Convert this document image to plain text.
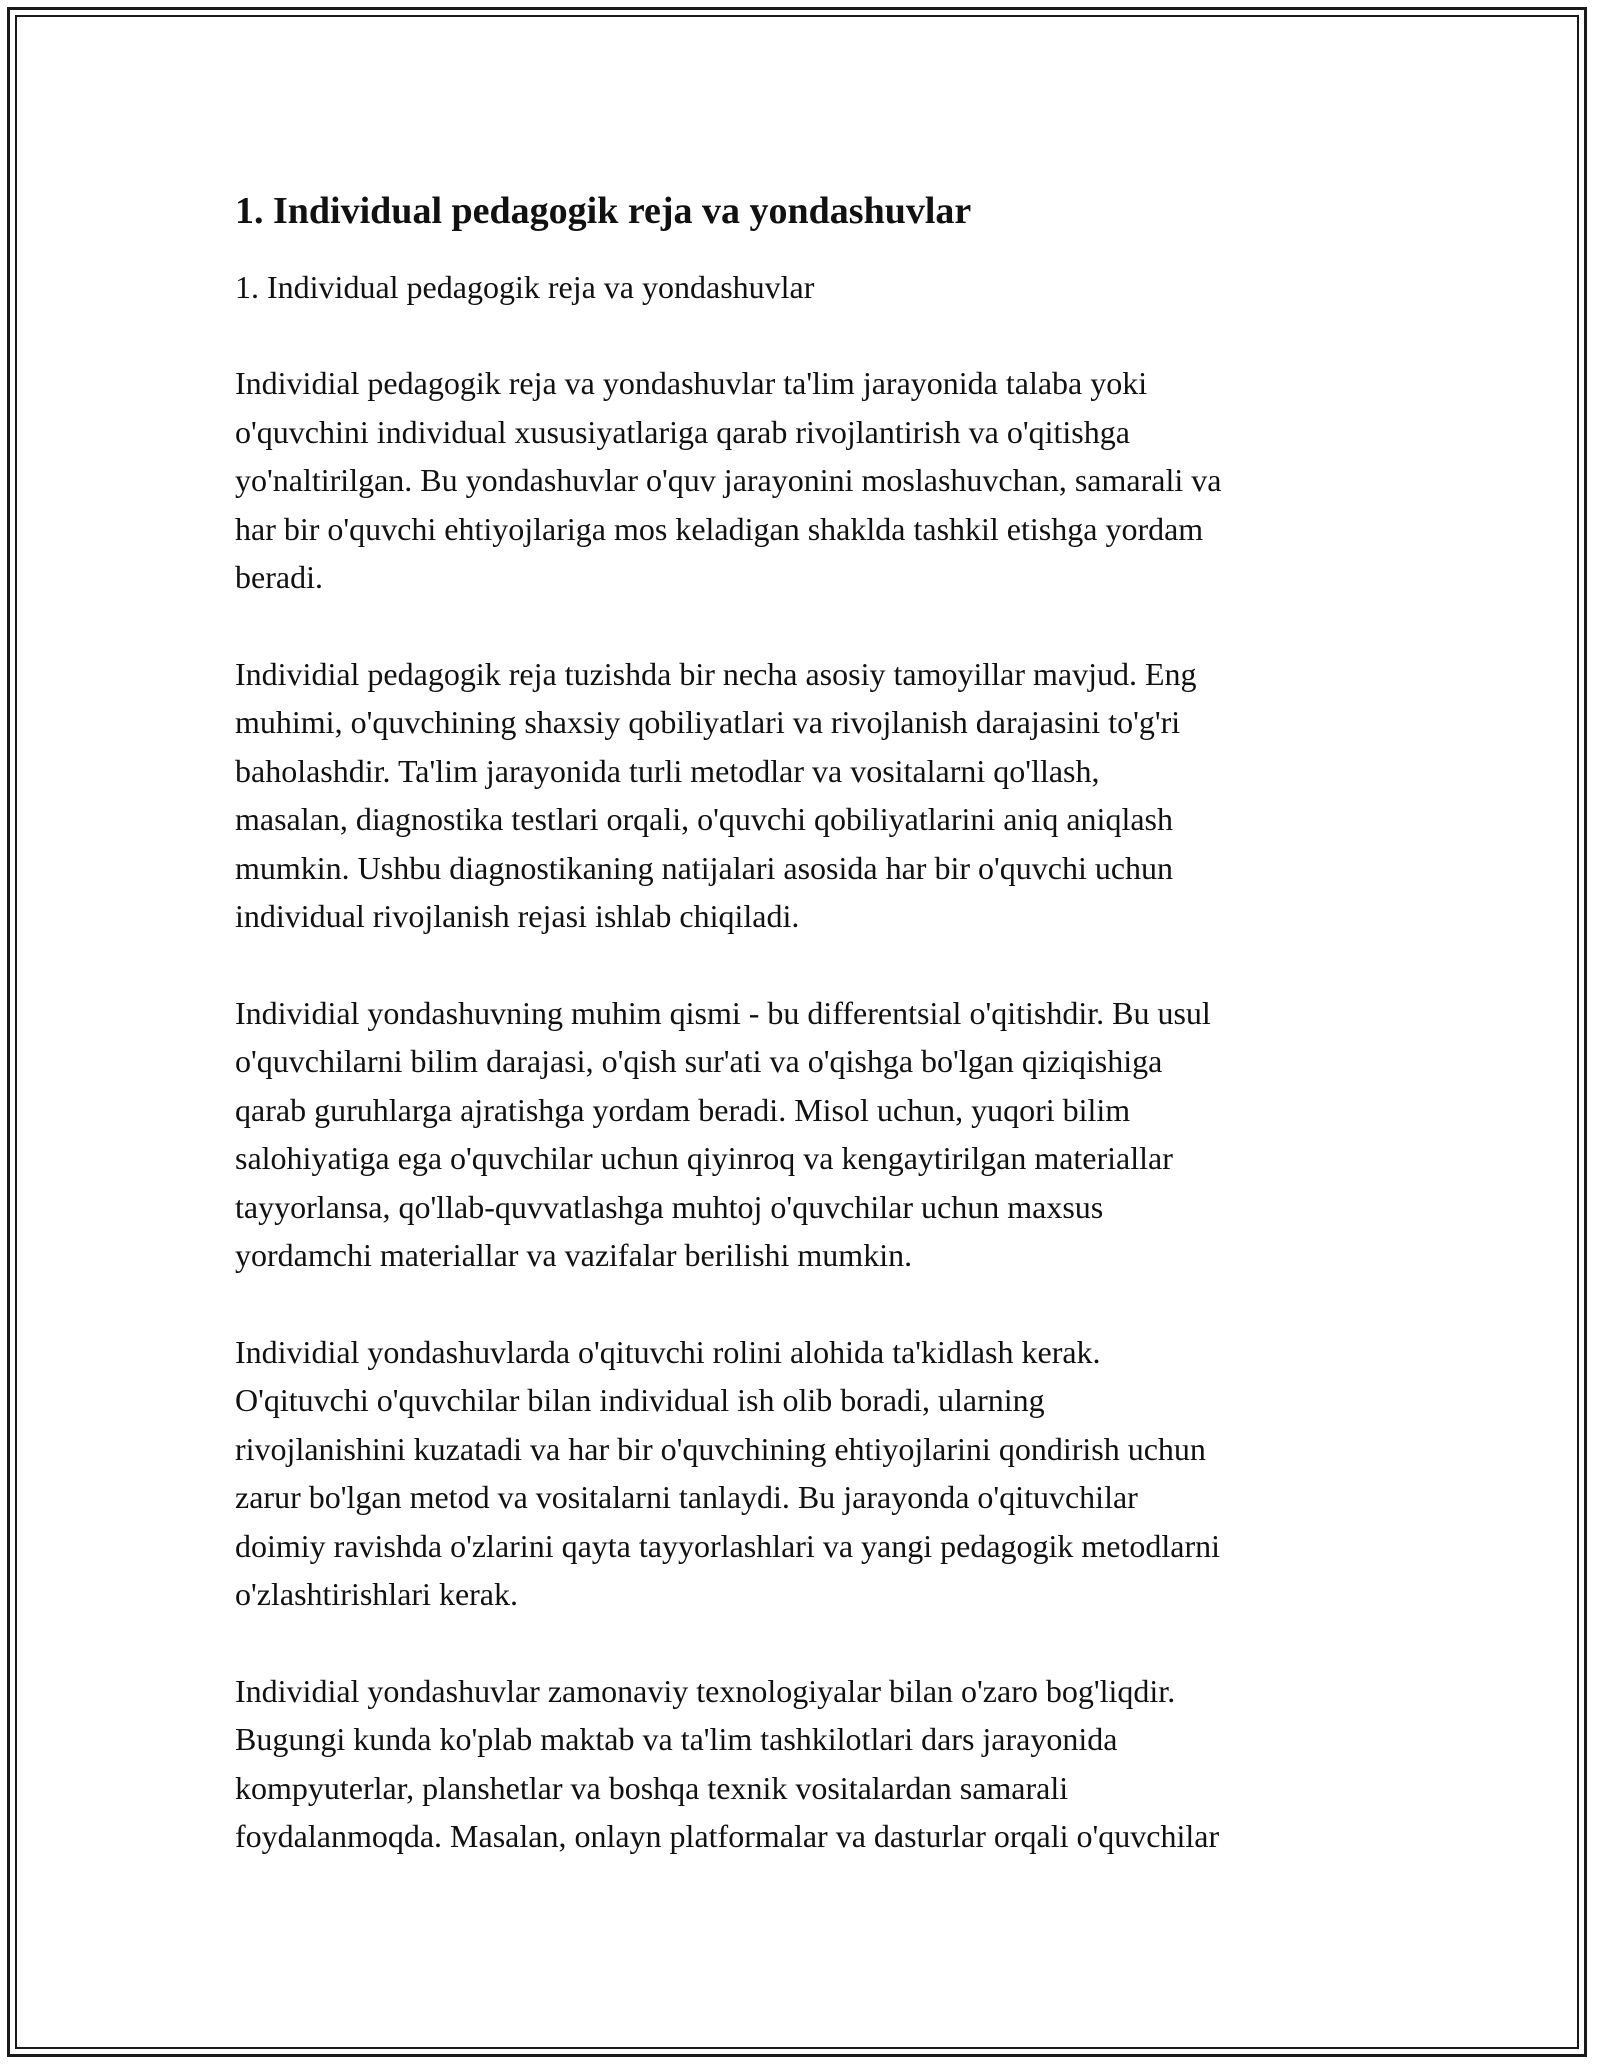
1. Individual pedagogik reja va yondashuvlar

1. Individual pedagogik reja va yondashuvlar

Individial pedagogik reja va yondashuvlar ta'lim jarayonida talaba yoki
o'quvchini individual xususiyatlariga qarab rivojlantirish va o'qitishga
yo'naltirilgan. Bu yondashuvlar o'quv jarayonini moslashuvchan, samarali va
har bir o'quvchi ehtiyojlariga mos keladigan shaklda tashkil etishga yordam
beradi.

Individial pedagogik reja tuzishda bir necha asosiy tamoyillar mavjud. Eng
muhimi, o'quvchining shaxsiy qobiliyatlari va rivojlanish darajasini to'g'ri
baholashdir. Ta'lim jarayonida turli metodlar va vositalarni qo'llash,
masalan, diagnostika testlari orqali, o'quvchi qobiliyatlarini aniq aniqlash
mumkin. Ushbu diagnostikaning natijalari asosida har bir o'quvchi uchun
individual rivojlanish rejasi ishlab chiqiladi.

Individial yondashuvning muhim qismi - bu differentsial o'qitishdir. Bu usul
o'quvchilarni bilim darajasi, o'qish sur'ati va o'qishga bo'lgan qiziqishiga
qarab guruhlarga ajratishga yordam beradi. Misol uchun, yuqori bilim
salohiyatiga ega o'quvchilar uchun qiyinroq va kengaytirilgan materiallar
tayyorlansa, qo'llab-quvvatlashga muhtoj o'quvchilar uchun maxsus
yordamchi materiallar va vazifalar berilishi mumkin.

Individial yondashuvlarda o'qituvchi rolini alohida ta'kidlash kerak.
O'qituvchi o'quvchilar bilan individual ish olib boradi, ularning
rivojlanishini kuzatadi va har bir o'quvchining ehtiyojlarini qondirish uchun
zarur bo'lgan metod va vositalarni tanlaydi. Bu jarayonda o'qituvchilar
doimiy ravishda o'zlarini qayta tayyorlashlari va yangi pedagogik metodlarni
o'zlashtirishlari kerak.

Individial yondashuvlar zamonaviy texnologiyalar bilan o'zaro bog'liqdir.
Bugungi kunda ko'plab maktab va ta'lim tashkilotlari dars jarayonida
kompyuterlar, planshetlar va boshqa texnik vositalardan samarali
foydalanmoqda. Masalan, onlayn platformalar va dasturlar orqali o'quvchilar
